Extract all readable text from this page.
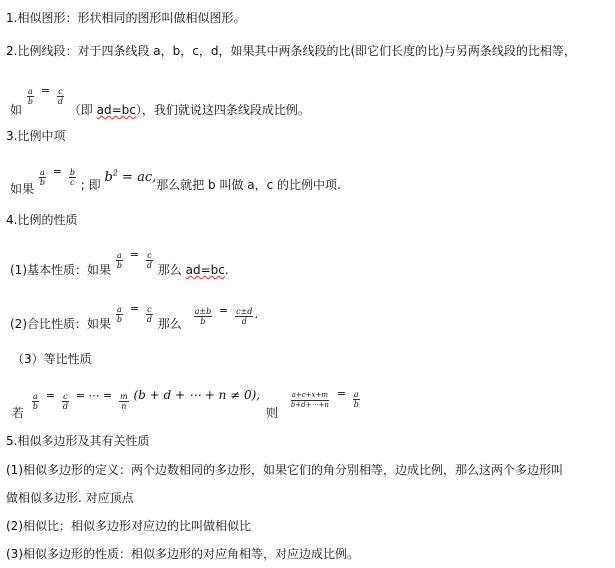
1.相似图形：形状相同的图形叫做相似图形。
2.比例线段：对于四条线段 a，b，c，d，如果其中两条线段的比(即它们长度的比)与另两条线段的比相等，
如
$\frac{a}{b} = \frac{c}{d}$
（即 ad=bc），我们就说这四条线段成比例。
3.比例中项
如果
$\frac{a}{b} = \frac{b}{c}$ ; 即 $b^2$ = ac,那么就把 b 叫做 a，c 的比例中项.
4.比例的性质
(1)基本性质：如果 $\frac{a}{b} = \frac{c}{d}$ 那么 ad=bc.
(2)合比性质：如果 $\frac{a}{b} = \frac{c}{d}$ 那么 $\frac{a\pm b}{b} = \frac{c\pm d}{d}$ .
（3）等比性质
若
$\frac{a}{b} = \frac{c}{d}$ = ⋯ = $\frac{m}{n} (b + d$ + ⋯ + n ≠ 0), 则
$\frac{a+c+x+m}{b+d+\cdots+n} = \frac{a}{b}$
5.相似多边形及其有关性质
(1)相似多边形的定义：两个边数相同的多边形，如果它们的角分别相等，边成比例，那么这两个多边形叫
做相似多边形. 对应顶点
(2)相似比：相似多边形对应边的比叫做相似比
(3)相似多边形的性质：相似多边形的对应角相等，对应边成比例。
